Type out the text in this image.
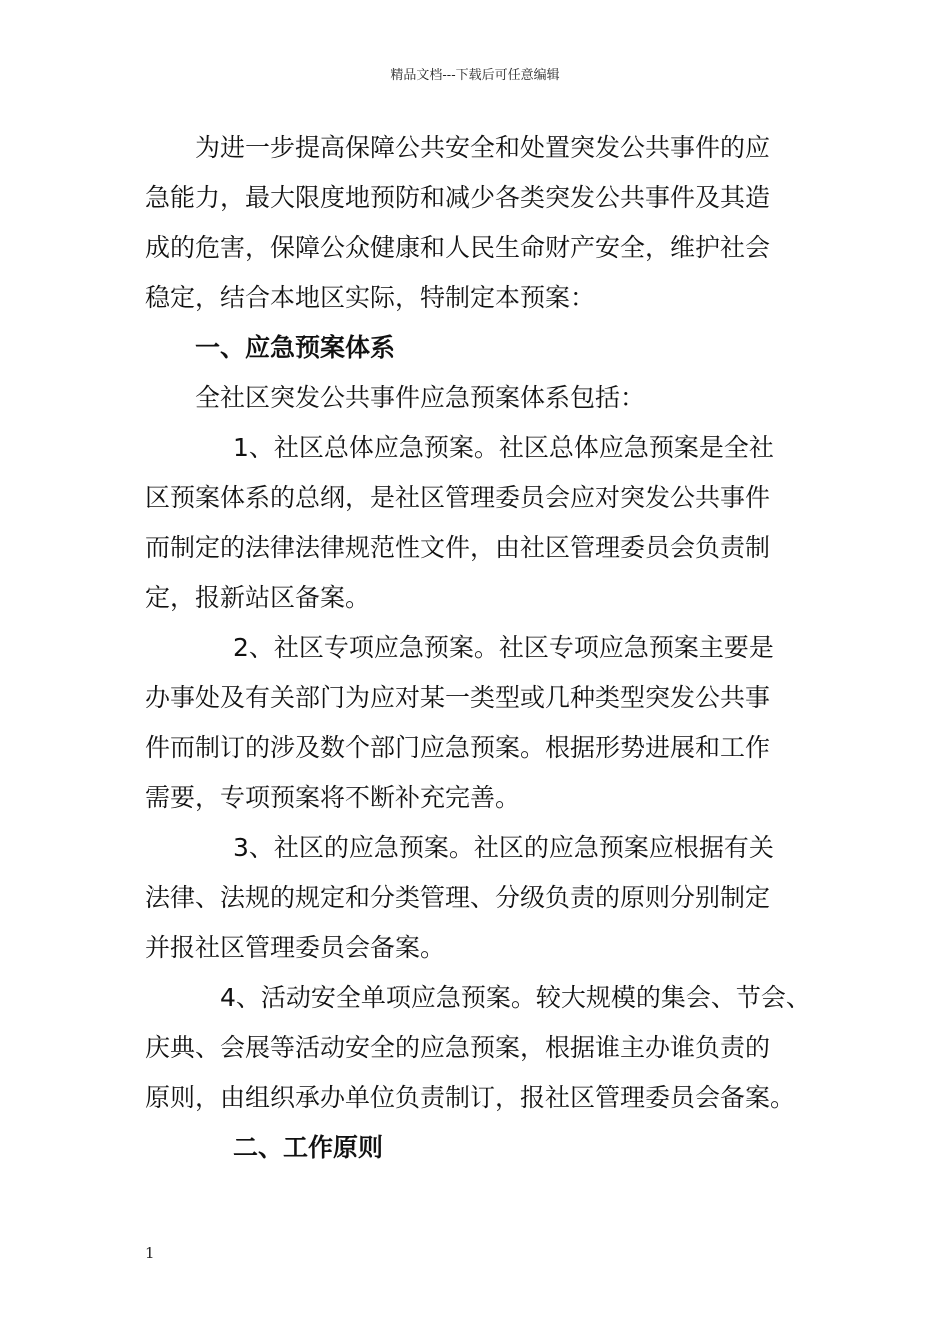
精品文档---下载后可任意编辑
为进一步提高保障公共安全和处置突发公共事件的应
急能力，最大限度地预防和减少各类突发公共事件及其造
成的危害，保障公众健康和人民生命财产安全，维护社会
稳定，结合本地区实际，特制定本预案：
一、应急预案体系
全社区突发公共事件应急预案体系包括：
1、社区总体应急预案。社区总体应急预案是全社
区预案体系的总纲，是社区管理委员会应对突发公共事件
而制定的法律法律规范性文件，由社区管理委员会负责制
定，报新站区备案。
2、社区专项应急预案。社区专项应急预案主要是
办事处及有关部门为应对某一类型或几种类型突发公共事
件而制订的涉及数个部门应急预案。根据形势进展和工作
需要，专项预案将不断补充完善。
3、社区的应急预案。社区的应急预案应根据有关
法律、法规的规定和分类管理、分级负责的原则分别制定
并报社区管理委员会备案。
4、活动安全单项应急预案。较大规模的集会、节会、
庆典、会展等活动安全的应急预案，根据谁主办谁负责的
原则，由组织承办单位负责制订，报社区管理委员会备案。
二、工作原则
1
